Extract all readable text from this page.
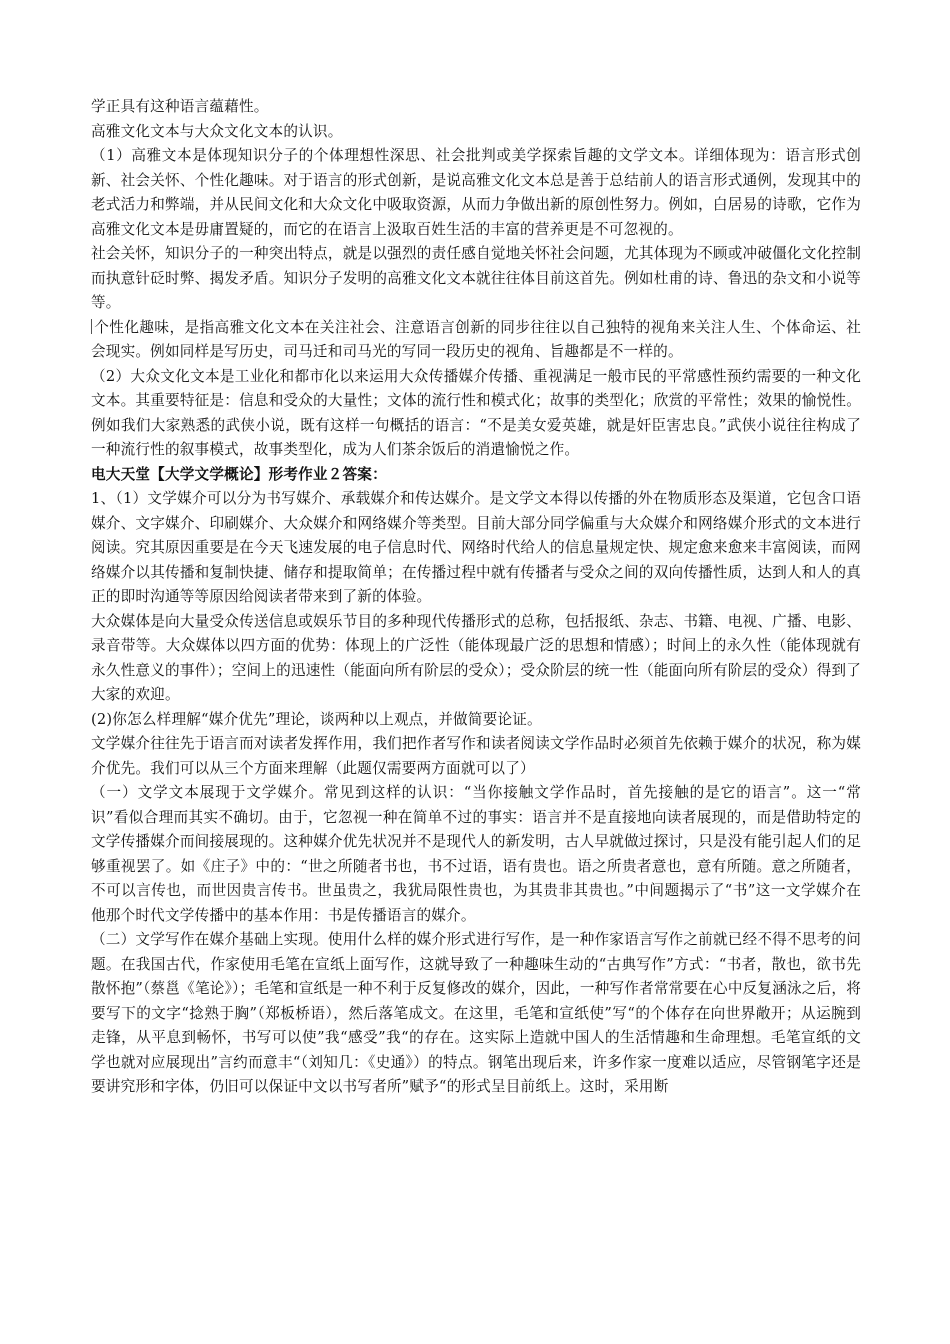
学正具有这种语言蕴藉性。

高雅文化文本与大众文化文本的认识。

（1）高雅文本是体现知识分子的个体理想性深思、社会批判或美学探索旨趣的文学文本。详细体现为：语言形式创新、社会关怀、个性化趣味。对于语言的形式创新，是说高雅文化文本总是善于总结前人的语言形式通例，发现其中的老式活力和弊端，并从民间文化和大众文化中吸取资源，从而力争做出新的原创性努力。例如，白居易的诗歌，它作为高雅文化文本是毋庸置疑的，而它的在语言上汲取百姓生活的丰富的营养更是不可忽视的。

社会关怀，知识分子的一种突出特点，就是以强烈的责任感自觉地关怀社会问题，尤其体现为不顾或冲破僵化文化控制而执意针砭时弊、揭发矛盾。知识分子发明的高雅文化文本就往往体目前这首先。例如杜甫的诗、鲁迅的杂文和小说等等。

个性化趣味，是指高雅文化文本在关注社会、注意语言创新的同步往往以自己独特的视角来关注人生、个体命运、社会现实。例如同样是写历史，司马迁和司马光的写同一段历史的视角、旨趣都是不一样的。

（2）大众文化文本是工业化和都市化以来运用大众传播媒介传播、重视满足一般市民的平常感性预约需要的一种文化文本。其重要特征是：信息和受众的大量性；文体的流行性和模式化；故事的类型化；欣赏的平常性；效果的愉悦性。例如我们大家熟悉的武侠小说，既有这样一句概括的语言：“不是美女爱英雄，就是奸臣害忠良。”武侠小说往往构成了一种流行性的叙事模式，故事类型化，成为人们茶余饭后的消遣愉悦之作。

电大天堂【大学文学概论】形考作业２答案：

1、（1）文学媒介可以分为书写媒介、承载媒介和传达媒介。是文学文本得以传播的外在物质形态及渠道，它包含口语媒介、文字媒介、印刷媒介、大众媒介和网络媒介等类型。目前大部分同学偏重与大众媒介和网络媒介形式的文本进行阅读。究其原因重要是在今天飞速发展的电子信息时代、网络时代给人的信息量规定快、规定愈来愈来丰富阅读，而网络媒介以其传播和复制快捷、储存和提取简单；在传播过程中就有传播者与受众之间的双向传播性质，达到人和人的真正的即时沟通等等原因给阅读者带来到了新的体验。

大众媒体是向大量受众传送信息或娱乐节目的多种现代传播形式的总称，包括报纸、杂志、书籍、电视、广播、电影、录音带等。大众媒体以四方面的优势：体现上的广泛性（能体现最广泛的思想和情感）；时间上的永久性（能体现就有永久性意义的事件）；空间上的迅速性（能面向所有阶层的受众）；受众阶层的统一性（能面向所有阶层的受众）得到了大家的欢迎。

(2)你怎么样理解“媒介优先”理论，谈两种以上观点，并做简要论证。

文学媒介往往先于语言而对读者发挥作用，我们把作者写作和读者阅读文学作品时必须首先依赖于媒介的状况，称为媒介优先。我们可以从三个方面来理解（此题仅需要两方面就可以了）

（一）文学文本展现于文学媒介。常见到这样的认识：“当你接触文学作品时，首先接触的是它的语言”。这一“常识”看似合理而其实不确切。由于，它忽视一种在简单不过的事实：语言并不是直接地向读者展现的，而是借助特定的文学传播媒介而间接展现的。这种媒介优先状况并不是现代人的新发明，古人早就做过探讨，只是没有能引起人们的足够重视罢了。如《庄子》中的：“世之所随者书也，书不过语，语有贵也。语之所贵者意也，意有所随。意之所随者，不可以言传也，而世因贵言传书。世虽贵之，我犹局限性贵也，为其贵非其贵也。”中间题揭示了“书”这一文学媒介在他那个时代文学传播中的基本作用：书是传播语言的媒介。

（二）文学写作在媒介基础上实现。使用什么样的媒介形式进行写作，是一种作家语言写作之前就已经不得不思考的问题。在我国古代，作家使用毛笔在宣纸上面写作，这就导致了一种趣味生动的“古典写作”方式：“书者，散也，欲书先散怀抱”（蔡邕《笔论》）；毛笔和宣纸是一种不利于反复修改的媒介，因此，一种写作者常常要在心中反复涵泳之后，将要写下的文字“捻熟于胸”（郑板桥语），然后落笔成文。在这里，毛笔和宣纸使”写“的个体存在向世界敞开；从运腕到走锋，从平息到畅怀，书写可以使”我“感受”我“的存在。这实际上造就中国人的生活情趣和生命理想。毛笔宣纸的文学也就对应展现出”言约而意丰“（刘知几：《史通》）的特点。钢笔出现后来，许多作家一度难以适应，尽管钢笔字还是要讲究形和字体，仍旧可以保证中文以书写者所”赋予“的形式呈目前纸上。这时，采用断
